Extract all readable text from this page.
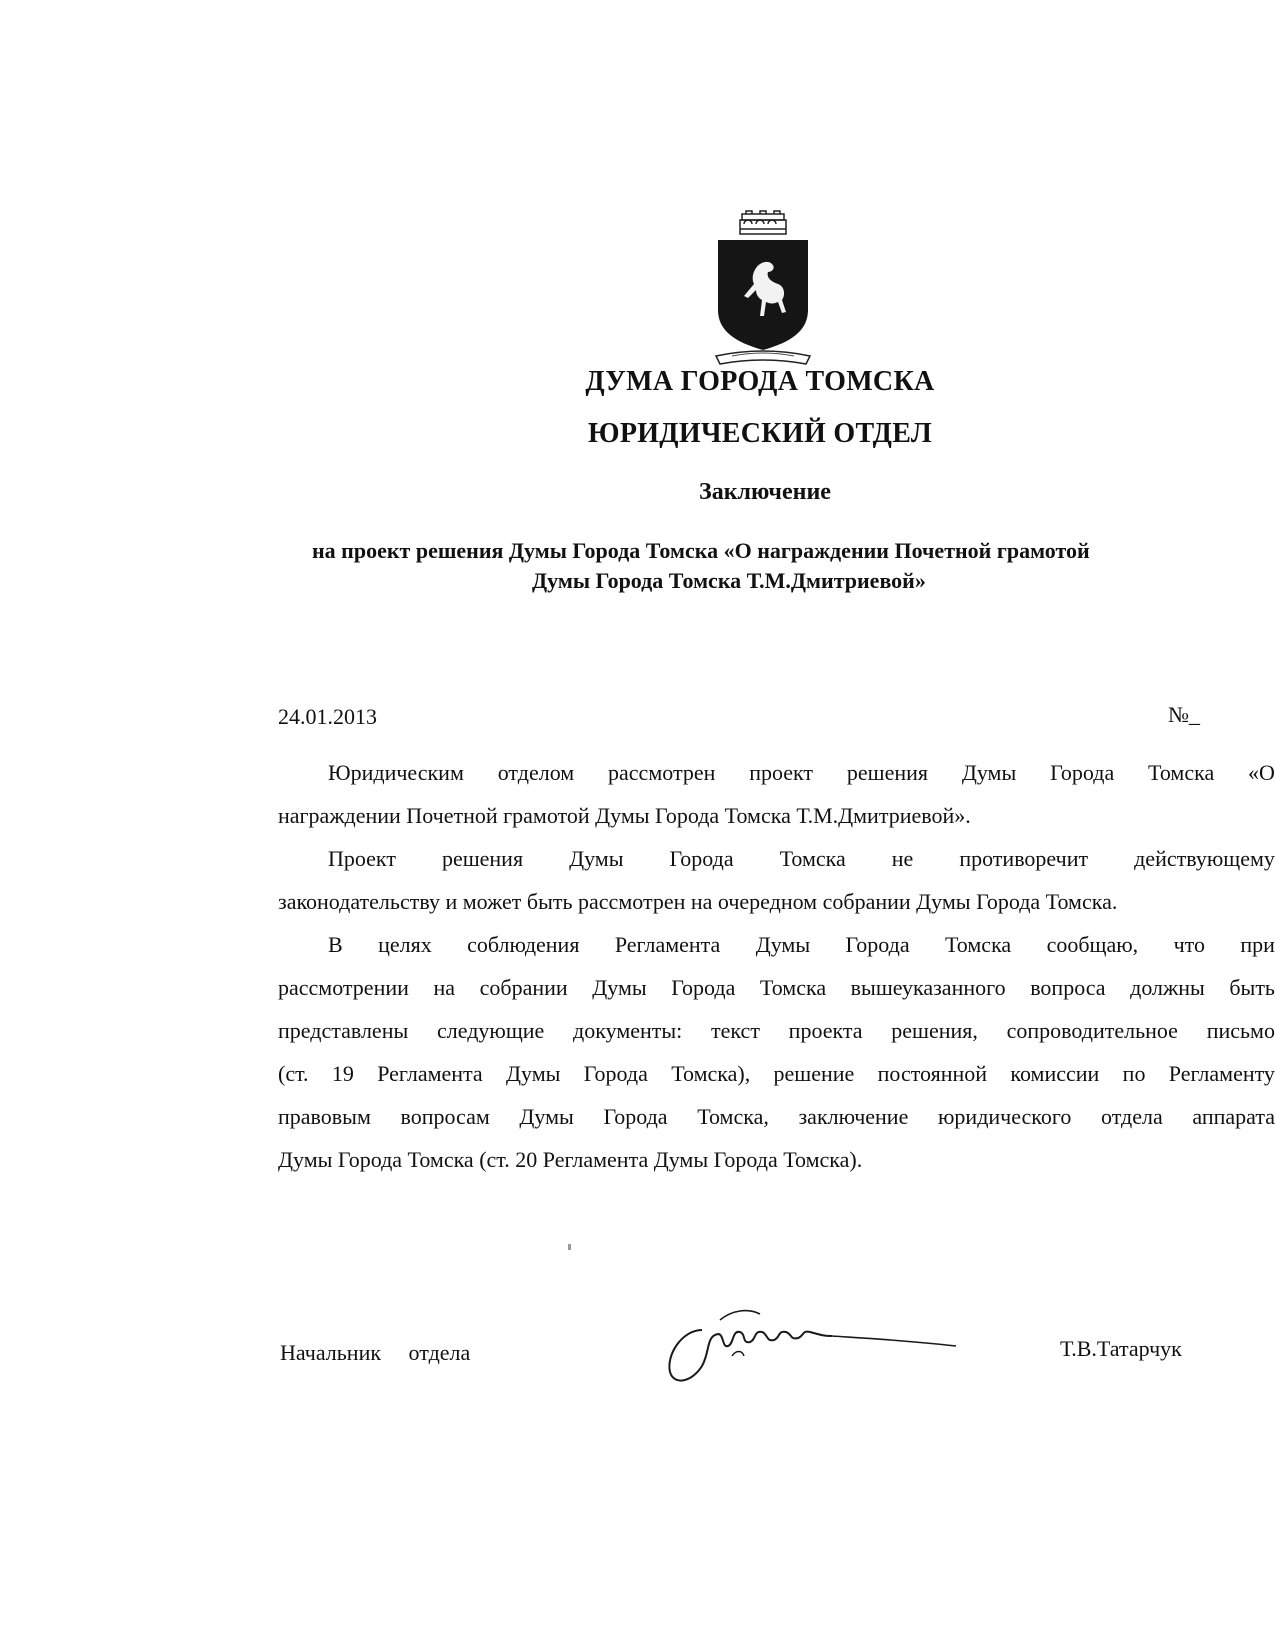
ДУМА ГОРОДА ТОМСКА
ЮРИДИЧЕСКИЙ ОТДЕЛ
Заключение
на проект решения Думы Города Томска «О награждении Почетной грамотой
Думы Города Томска Т.М.Дмитриевой»
24.01.2013	№_
Юридическим отделом рассмотрен проект решения Думы Города Томска «О
награждении Почетной грамотой Думы Города Томска Т.М.Дмитриевой».
Проект решения Думы Города Томска не противоречит действующему
законодательству и может быть рассмотрен на очередном собрании Думы Города Томска.
В целях соблюдения Регламента Думы Города Томска сообщаю, что при
рассмотрении на собрании Думы Города Томска вышеуказанного вопроса должны быть
представлены следующие документы: текст проекта решения, сопроводительное письмо
(ст. 19 Регламента Думы Города Томска), решение постоянной комиссии по Регламенту
правовым вопросам Думы Города Томска, заключение юридического отдела аппарата
Думы Города Томска (ст. 20 Регламента Думы Города Томска).
Начальник отдела	Т.В.Татарчук
